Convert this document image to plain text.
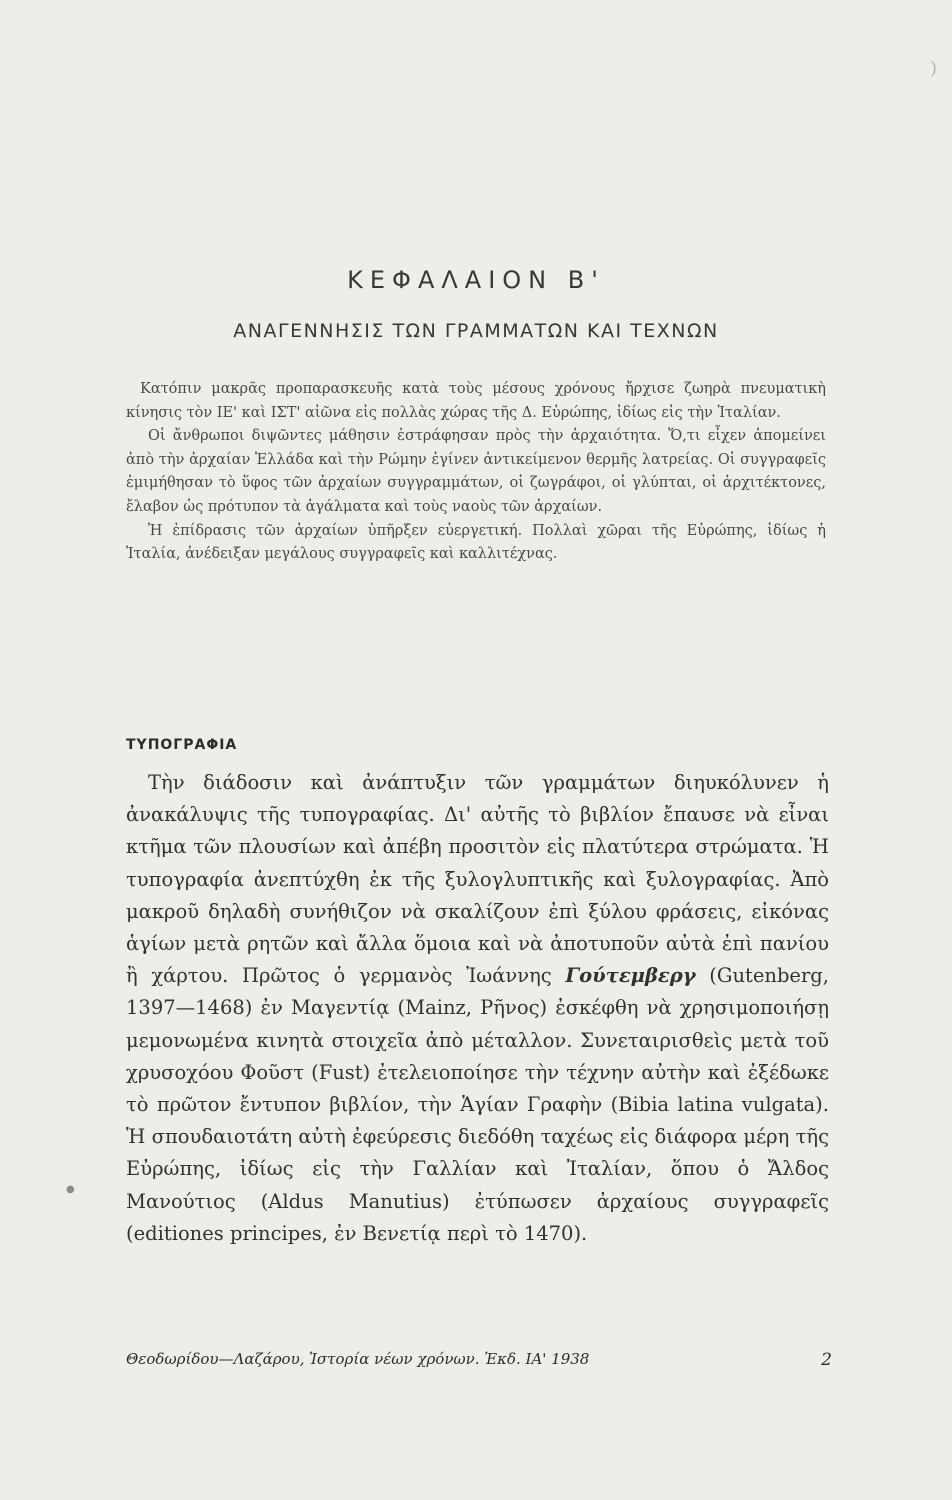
)
ΚΕΦΑΛΑΙΟΝ Β'
ΑΝΑΓΕΝΝΗΣΙΣ ΤΩΝ ΓΡΑΜΜΑΤΩΝ ΚΑΙ ΤΕΧΝΩΝ

Κατόπιν μακρᾶς προπαρασκευῆς κατὰ τοὺς μέσους χρόνους ἤρχισε ζωηρὰ πνευματικὴ κίνησις τὸν ΙΕ' καὶ ΙΣΤ' αἰῶνα εἰς πολλὰς χώρας τῆς Δ. Εὐρώπης, ἰδίως εἰς τὴν Ἰταλίαν.

Οἱ ἄνθρωποι διψῶντες μάθησιν ἐστράφησαν πρὸς τὴν ἀρχαιότητα. Ὅ,τι εἶχεν ἀπομείνει ἀπὸ τὴν ἀρχαίαν Ἑλλάδα καὶ τὴν Ρώμην ἐγίνεν ἀντικείμενον θερμῆς λατρείας. Οἱ συγγραφεῖς ἐμιμήθησαν τὸ ὕφος τῶν ἀρχαίων συγγραμμάτων, οἱ ζωγράφοι, οἱ γλύπται, οἱ ἀρχιτέκτονες, ἔλαβον ὡς πρότυπον τὰ ἀγάλματα καὶ τοὺς ναοὺς τῶν ἀρχαίων.

Ἡ ἐπίδρασις τῶν ἀρχαίων ὑπῆρξεν εὐεργετική. Πολλαὶ χῶραι τῆς Εὐρώπης, ἰδίως ἡ Ἰταλία, ἀνέδειξαν μεγάλους συγγραφεῖς καὶ καλλιτέχνας.

ΤΥΠΟΓΡΑΦΙΑ

Τὴν διάδοσιν καὶ ἀνάπτυξιν τῶν γραμμάτων διηυκόλυνεν ἡ ἀνακάλυψις τῆς τυπογραφίας. Δι' αὐτῆς τὸ βιβλίον ἔπαυσε νὰ εἶναι κτῆμα τῶν πλουσίων καὶ ἀπέβη προσιτὸν εἰς πλατύτερα στρώματα. Ἡ τυπογραφία ἀνεπτύχθη ἐκ τῆς ξυλογλυπτικῆς καὶ ξυλογραφίας. Ἀπὸ μακροῦ δηλαδὴ συνήθιζον νὰ σκαλίζουν ἐπὶ ξύλου φράσεις, εἰκόνας ἁγίων μετὰ ρητῶν καὶ ἄλλα ὅμοια καὶ νὰ ἀποτυποῦν αὐτὰ ἐπὶ πανίου ἢ χάρτου. Πρῶτος ὁ γερμανὸς Ἰωάννης Γούτεμβεργ (Gutenberg, 1397—1468) ἐν Μαγεντίᾳ (Mainz, Ρῆνος) ἐσκέφθη νὰ χρησιμοποιήσῃ μεμονωμένα κινητὰ στοιχεῖα ἀπὸ μέταλλον. Συνεταιρισθεὶς μετὰ τοῦ χρυσοχόου Φοῦστ (Fust) ἐτελειοποίησε τὴν τέχνην αὐτὴν καὶ ἐξέδωκε τὸ πρῶτον ἔντυπον βιβλίον, τὴν Ἁγίαν Γραφὴν (Bibia latina vulgata). Ἡ σπουδαιοτάτη αὐτὴ ἐφεύρεσις διεδόθη ταχέως εἰς διάφορα μέρη τῆς Εὐρώπης, ἰδίως εἰς τὴν Γαλλίαν καὶ Ἰταλίαν, ὅπου ὁ Ἄλδος Μανούτιος (Aldus Manutius) ἐτύπωσεν ἀρχαίους συγγραφεῖς (editiones principes, ἐν Βενετίᾳ περὶ τὸ 1470).

●
Θεοδωρίδου—Λαζάρου, Ἱστορία νέων χρόνων. Ἐκδ. ΙΑ' 1938	2
